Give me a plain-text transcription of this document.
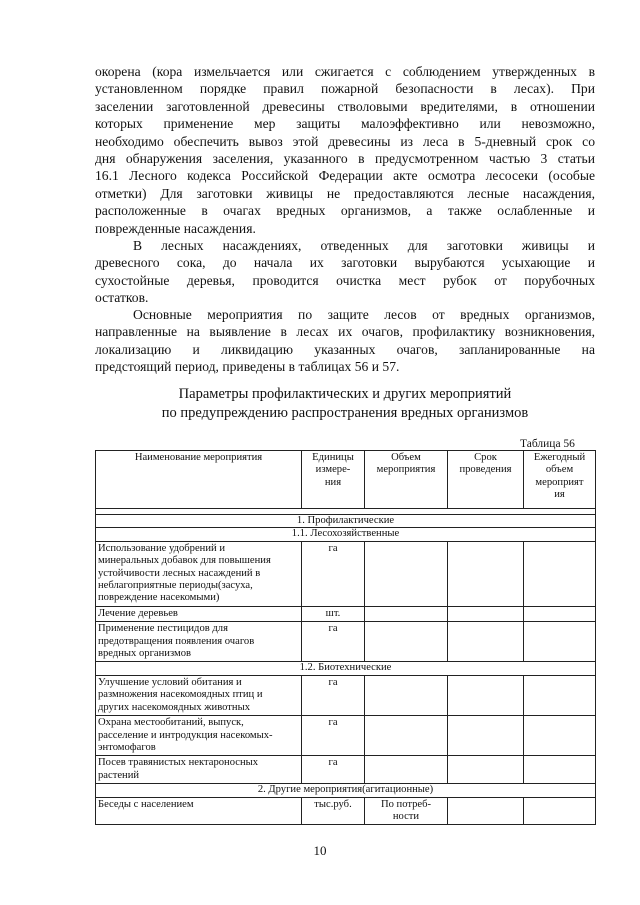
окорена (кора измельчается или сжигается с соблюдением утвержденных в
установленном порядке правил пожарной безопасности в лесах). При
заселении заготовленной древесины стволовыми вредителями, в отношении
которых применение мер защиты малоэффективно или невозможно,
необходимо обеспечить вывоз этой древесины из леса в 5-дневный срок со
дня обнаружения заселения, указанного в предусмотренном частью 3 статьи
16.1 Лесного кодекса Российской Федерации акте осмотра лесосеки (особые
отметки) Для заготовки живицы не предоставляются лесные насаждения,
расположенные в очагах вредных организмов, а также ослабленные и
поврежденные насаждения.
В лесных насаждениях, отведенных для заготовки живицы и
древесного сока, до начала их заготовки вырубаются усыхающие и
сухостойные деревья, проводится очистка мест рубок от порубочных
остатков.
Основные мероприятия по защите лесов от вредных организмов,
направленные на выявление в лесах их очагов, профилактику возникновения,
локализацию и ликвидацию указанных очагов, запланированные на
предстоящий период, приведены в таблицах 56 и 57.
Параметры профилактических и других мероприятий
по предупреждению распространения вредных организмов
Таблица 56
Наименование мероприятия	Единицы
измере-
ния	Объем
мероприятия	Срок
проведения	Ежегодный
объем
мероприят
ия

1. Профилактические				
1.1. Лесохозяйственные				
Использование удобрений и
минеральных добавок для повышения
устойчивости лесных насаждений в
неблагоприятные периоды(засуха,
повреждение насекомыми)	га			
Лечение деревьев	шт.			
Применение пестицидов для
предотвращения появления очагов
вредных организмов	га			
1.2. Биотехнические				
Улучшение условий обитания и
размножения насекомоядных птиц и
других насекомоядных животных	га			
Охрана местообитаний, выпуск,
расселение и интродукция насекомых-
энтомофагов	га			
Посев травянистых нектароносных
растений	га			
2. Другие мероприятия(агитационные)				
Беседы с населением	тыс.руб.	По потреб-
ности		
10
